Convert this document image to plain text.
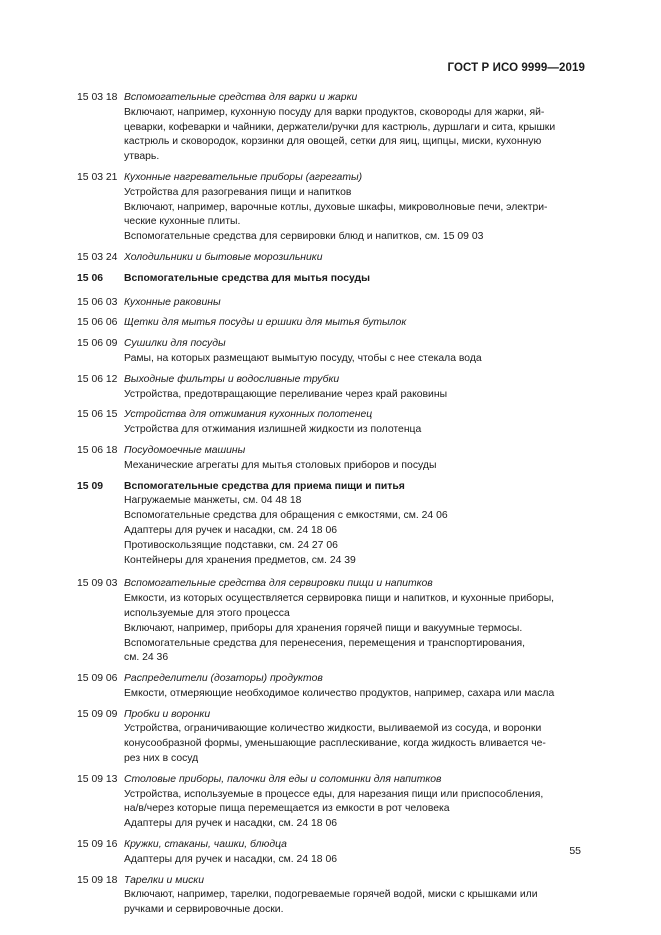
ГОСТ Р ИСО 9999—2019
15 03 18 Вспомогательные средства для варки и жарки
Включают, например, кухонную посуду для варки продуктов, сковороды для жарки, яй-
цеварки, кофеварки и чайники, держатели/ручки для кастрюль, дуршлаги и сита, крышки
кастрюль и сковородок, корзинки для овощей, сетки для яиц, щипцы, миски, кухонную
утварь.
15 03 21 Кухонные нагревательные приборы (агрегаты)
Устройства для разогревания пищи и напитков
Включают, например, варочные котлы, духовые шкафы, микроволновые печи, электри-
ческие кухонные плиты.
Вспомогательные средства для сервировки блюд и напитков, см. 15 09 03
15 03 24 Холодильники и бытовые морозильники
15 06	Вспомогательные средства для мытья посуды
15 06 03 Кухонные раковины
15 06 06 Щетки для мытья посуды и ершики для мытья бутылок
15 06 09 Сушилки для посуды
Рамы, на которых размещают вымытую посуду, чтобы с нее стекала вода
15 06 12 Выходные фильтры и водосливные трубки
Устройства, предотвращающие переливание через край раковины
15 06 15 Устройства для отжимания кухонных полотенец
Устройства для отжимания излишней жидкости из полотенца
15 06 18 Посудомоечные машины
Механические агрегаты для мытья столовых приборов и посуды
15 09	Вспомогательные средства для приема пищи и питья
Нагружаемые манжеты, см. 04 48 18
Вспомогательные средства для обращения с емкостями, см. 24 06
Адаптеры для ручек и насадки, см. 24 18 06
Противоскользящие подставки, см. 24 27 06
Контейнеры для хранения предметов, см. 24 39
15 09 03 Вспомогательные средства для сервировки пищи и напитков
Емкости, из которых осуществляется сервировка пищи и напитков, и кухонные приборы,
используемые для этого процесса
Включают, например, приборы для хранения горячей пищи и вакуумные термосы.
Вспомогательные средства для перенесения, перемещения и транспортирования,
см. 24 36
15 09 06 Распределители (дозаторы) продуктов
Емкости, отмеряющие необходимое количество продуктов, например, сахара или масла
15 09 09 Пробки и воронки
Устройства, ограничивающие количество жидкости, выливаемой из сосуда, и воронки
конусообразной формы, уменьшающие расплескивание, когда жидкость вливается че-
рез них в сосуд
15 09 13 Столовые приборы, палочки для еды и соломинки для напитков
Устройства, используемые в процессе еды, для нарезания пищи или приспособления,
на/в/через которые пища перемещается из емкости в рот человека
Адаптеры для ручек и насадки, см. 24 18 06
15 09 16 Кружки, стаканы, чашки, блюдца
Адаптеры для ручек и насадки, см. 24 18 06
15 09 18 Тарелки и миски
Включают, например, тарелки, подогреваемые горячей водой, миски с крышками или
ручками и сервировочные доски.
55
